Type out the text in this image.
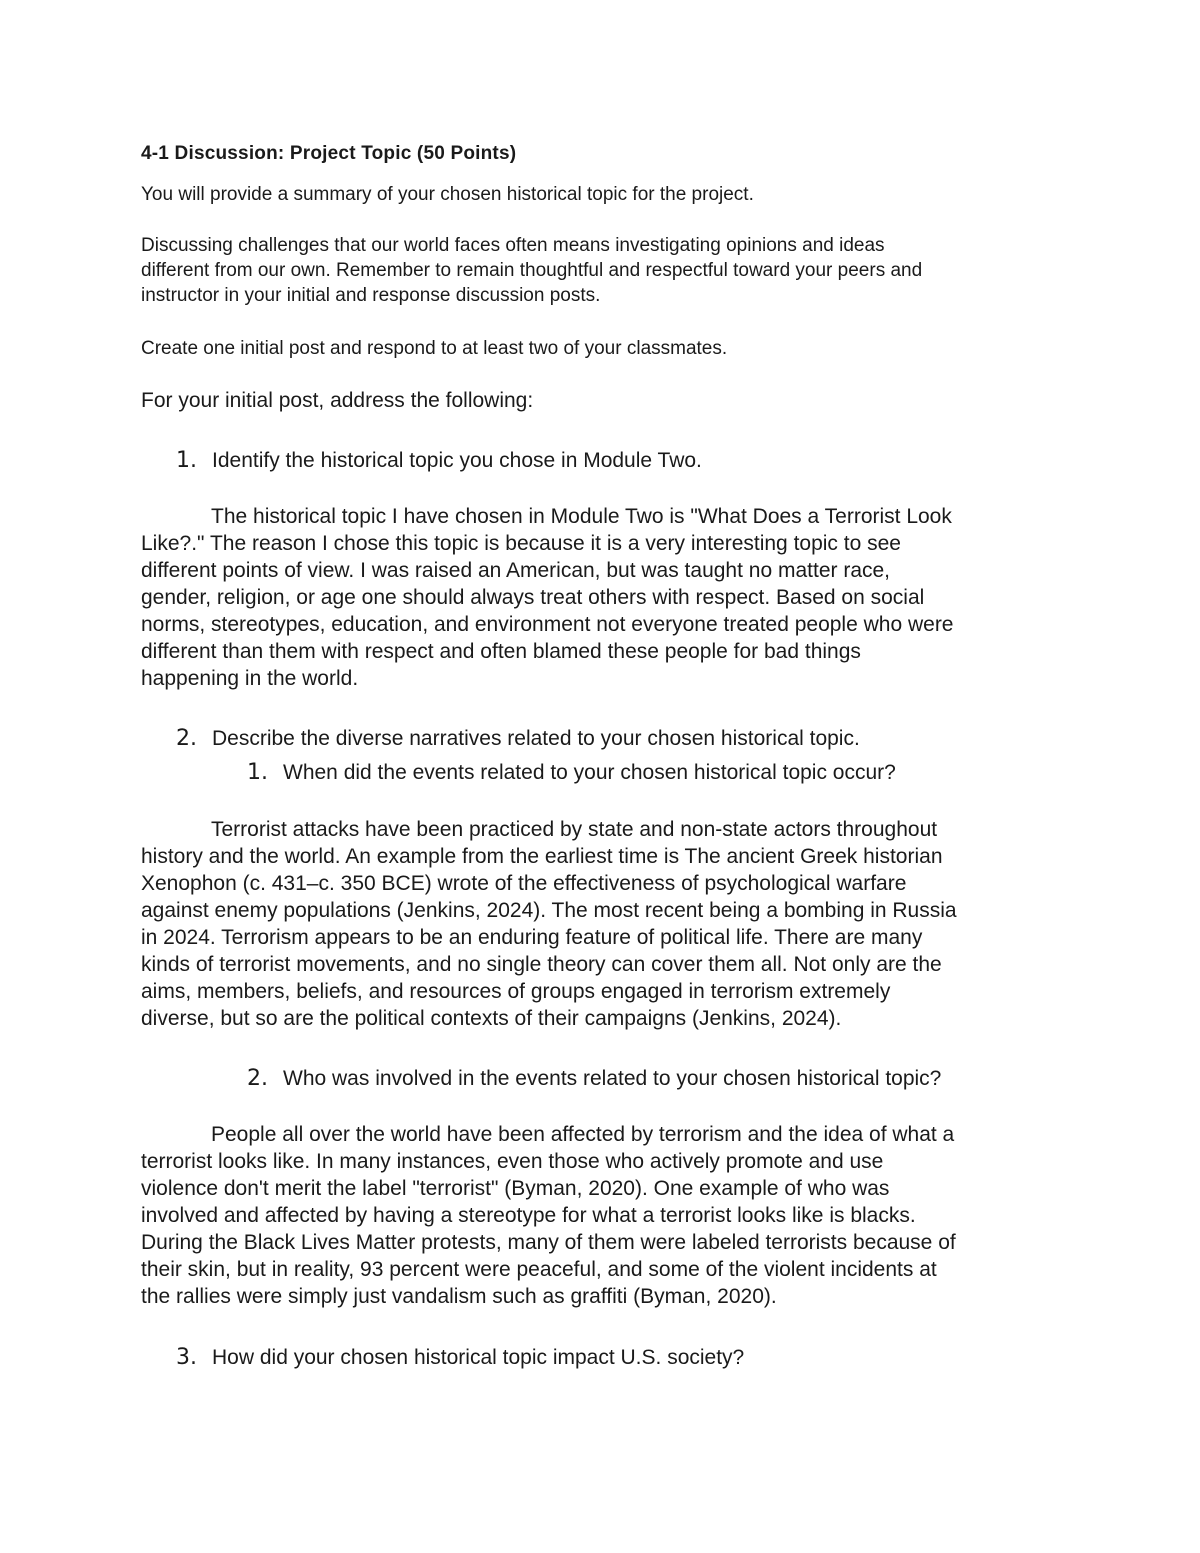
4-1 Discussion: Project Topic (50 Points)

You will provide a summary of your chosen historical topic for the project.

Discussing challenges that our world faces often means investigating opinions and ideas
different from our own. Remember to remain thoughtful and respectful toward your peers and
instructor in your initial and response discussion posts.

Create one initial post and respond to at least two of your classmates.

For your initial post, address the following:

1. Identify the historical topic you chose in Module Two.
The historical topic I have chosen in Module Two is "What Does a Terrorist Look
Like?." The reason I chose this topic is because it is a very interesting topic to see
different points of view. I was raised an American, but was taught no matter race,
gender, religion, or age one should always treat others with respect. Based on social
norms, stereotypes, education, and environment not everyone treated people who were
different than them with respect and often blamed these people for bad things
happening in the world.
2. Describe the diverse narratives related to your chosen historical topic.
1. When did the events related to your chosen historical topic occur?
Terrorist attacks have been practiced by state and non-state actors throughout
history and the world. An example from the earliest time is The ancient Greek historian
Xenophon (c. 431–c. 350 BCE) wrote of the effectiveness of psychological warfare
against enemy populations (Jenkins, 2024). The most recent being a bombing in Russia
in 2024. Terrorism appears to be an enduring feature of political life. There are many
kinds of terrorist movements, and no single theory can cover them all. Not only are the
aims, members, beliefs, and resources of groups engaged in terrorism extremely
diverse, but so are the political contexts of their campaigns (Jenkins, 2024).
2. Who was involved in the events related to your chosen historical topic?
People all over the world have been affected by terrorism and the idea of what a
terrorist looks like. In many instances, even those who actively promote and use
violence don't merit the label "terrorist" (Byman, 2020). One example of who was
involved and affected by having a stereotype for what a terrorist looks like is blacks.
During the Black Lives Matter protests, many of them were labeled terrorists because of
their skin, but in reality, 93 percent were peaceful, and some of the violent incidents at
the rallies were simply just vandalism such as graffiti (Byman, 2020).
3. How did your chosen historical topic impact U.S. society?
